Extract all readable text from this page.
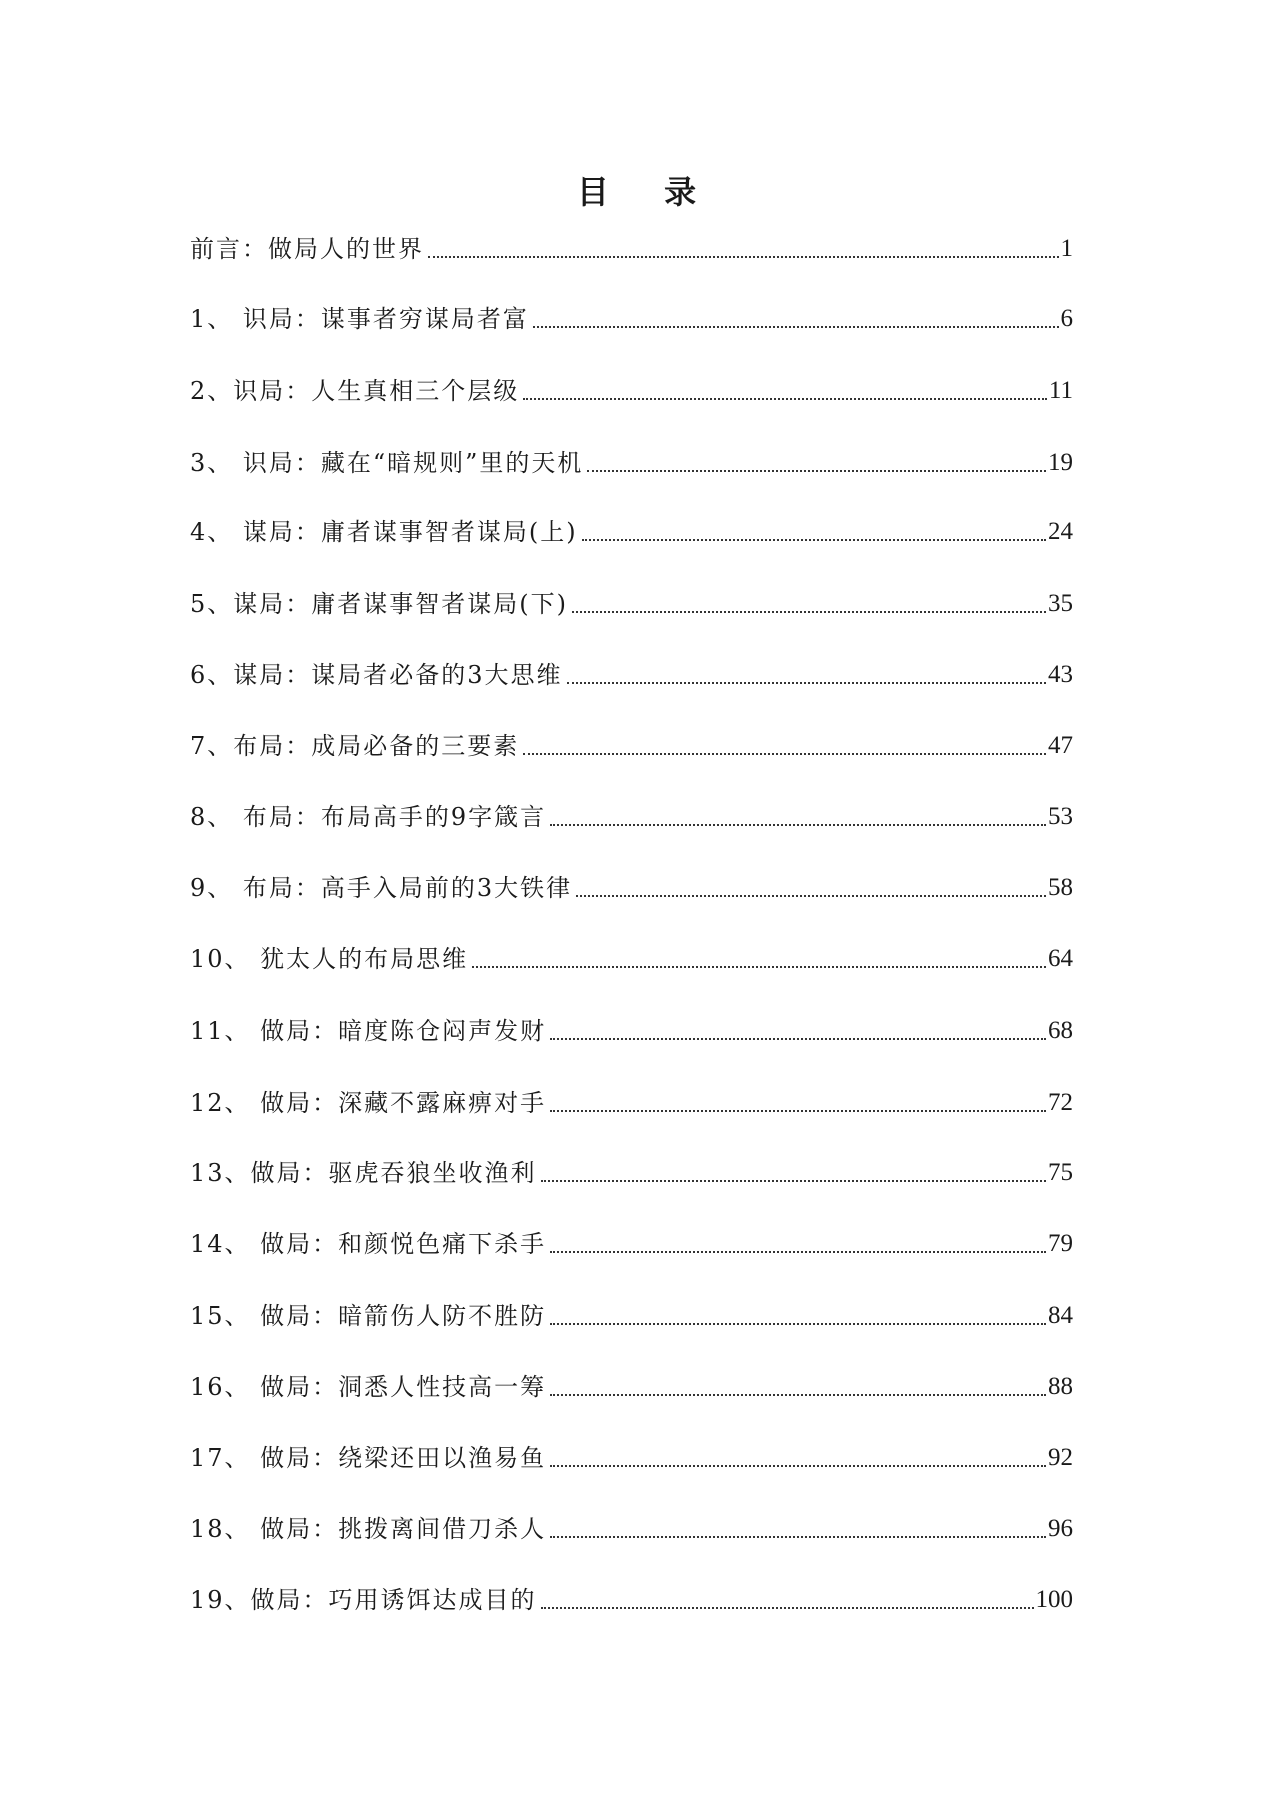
目 录
前言：做局人的世界	1
1、 识局：谋事者穷谋局者富	6
2、识局：人生真相三个层级	11
3、 识局：藏在“暗规则”里的天机	19
4、 谋局：庸者谋事智者谋局(上)	24
5、谋局：庸者谋事智者谋局(下)	35
6、谋局：谋局者必备的3大思维	43
7、布局：成局必备的三要素	47
8、 布局：布局高手的9字箴言	53
9、 布局：高手入局前的3大铁律	58
10、 犹太人的布局思维	64
11、 做局：暗度陈仓闷声发财	68
12、 做局：深藏不露麻痹对手	72
13、做局：驱虎吞狼坐收渔利	75
14、 做局：和颜悦色痛下杀手	79
15、 做局：暗箭伤人防不胜防	84
16、 做局：洞悉人性技高一筹	88
17、 做局：绕梁还田以渔易鱼	92
18、 做局：挑拨离间借刀杀人	96
19、做局：巧用诱饵达成目的	100
